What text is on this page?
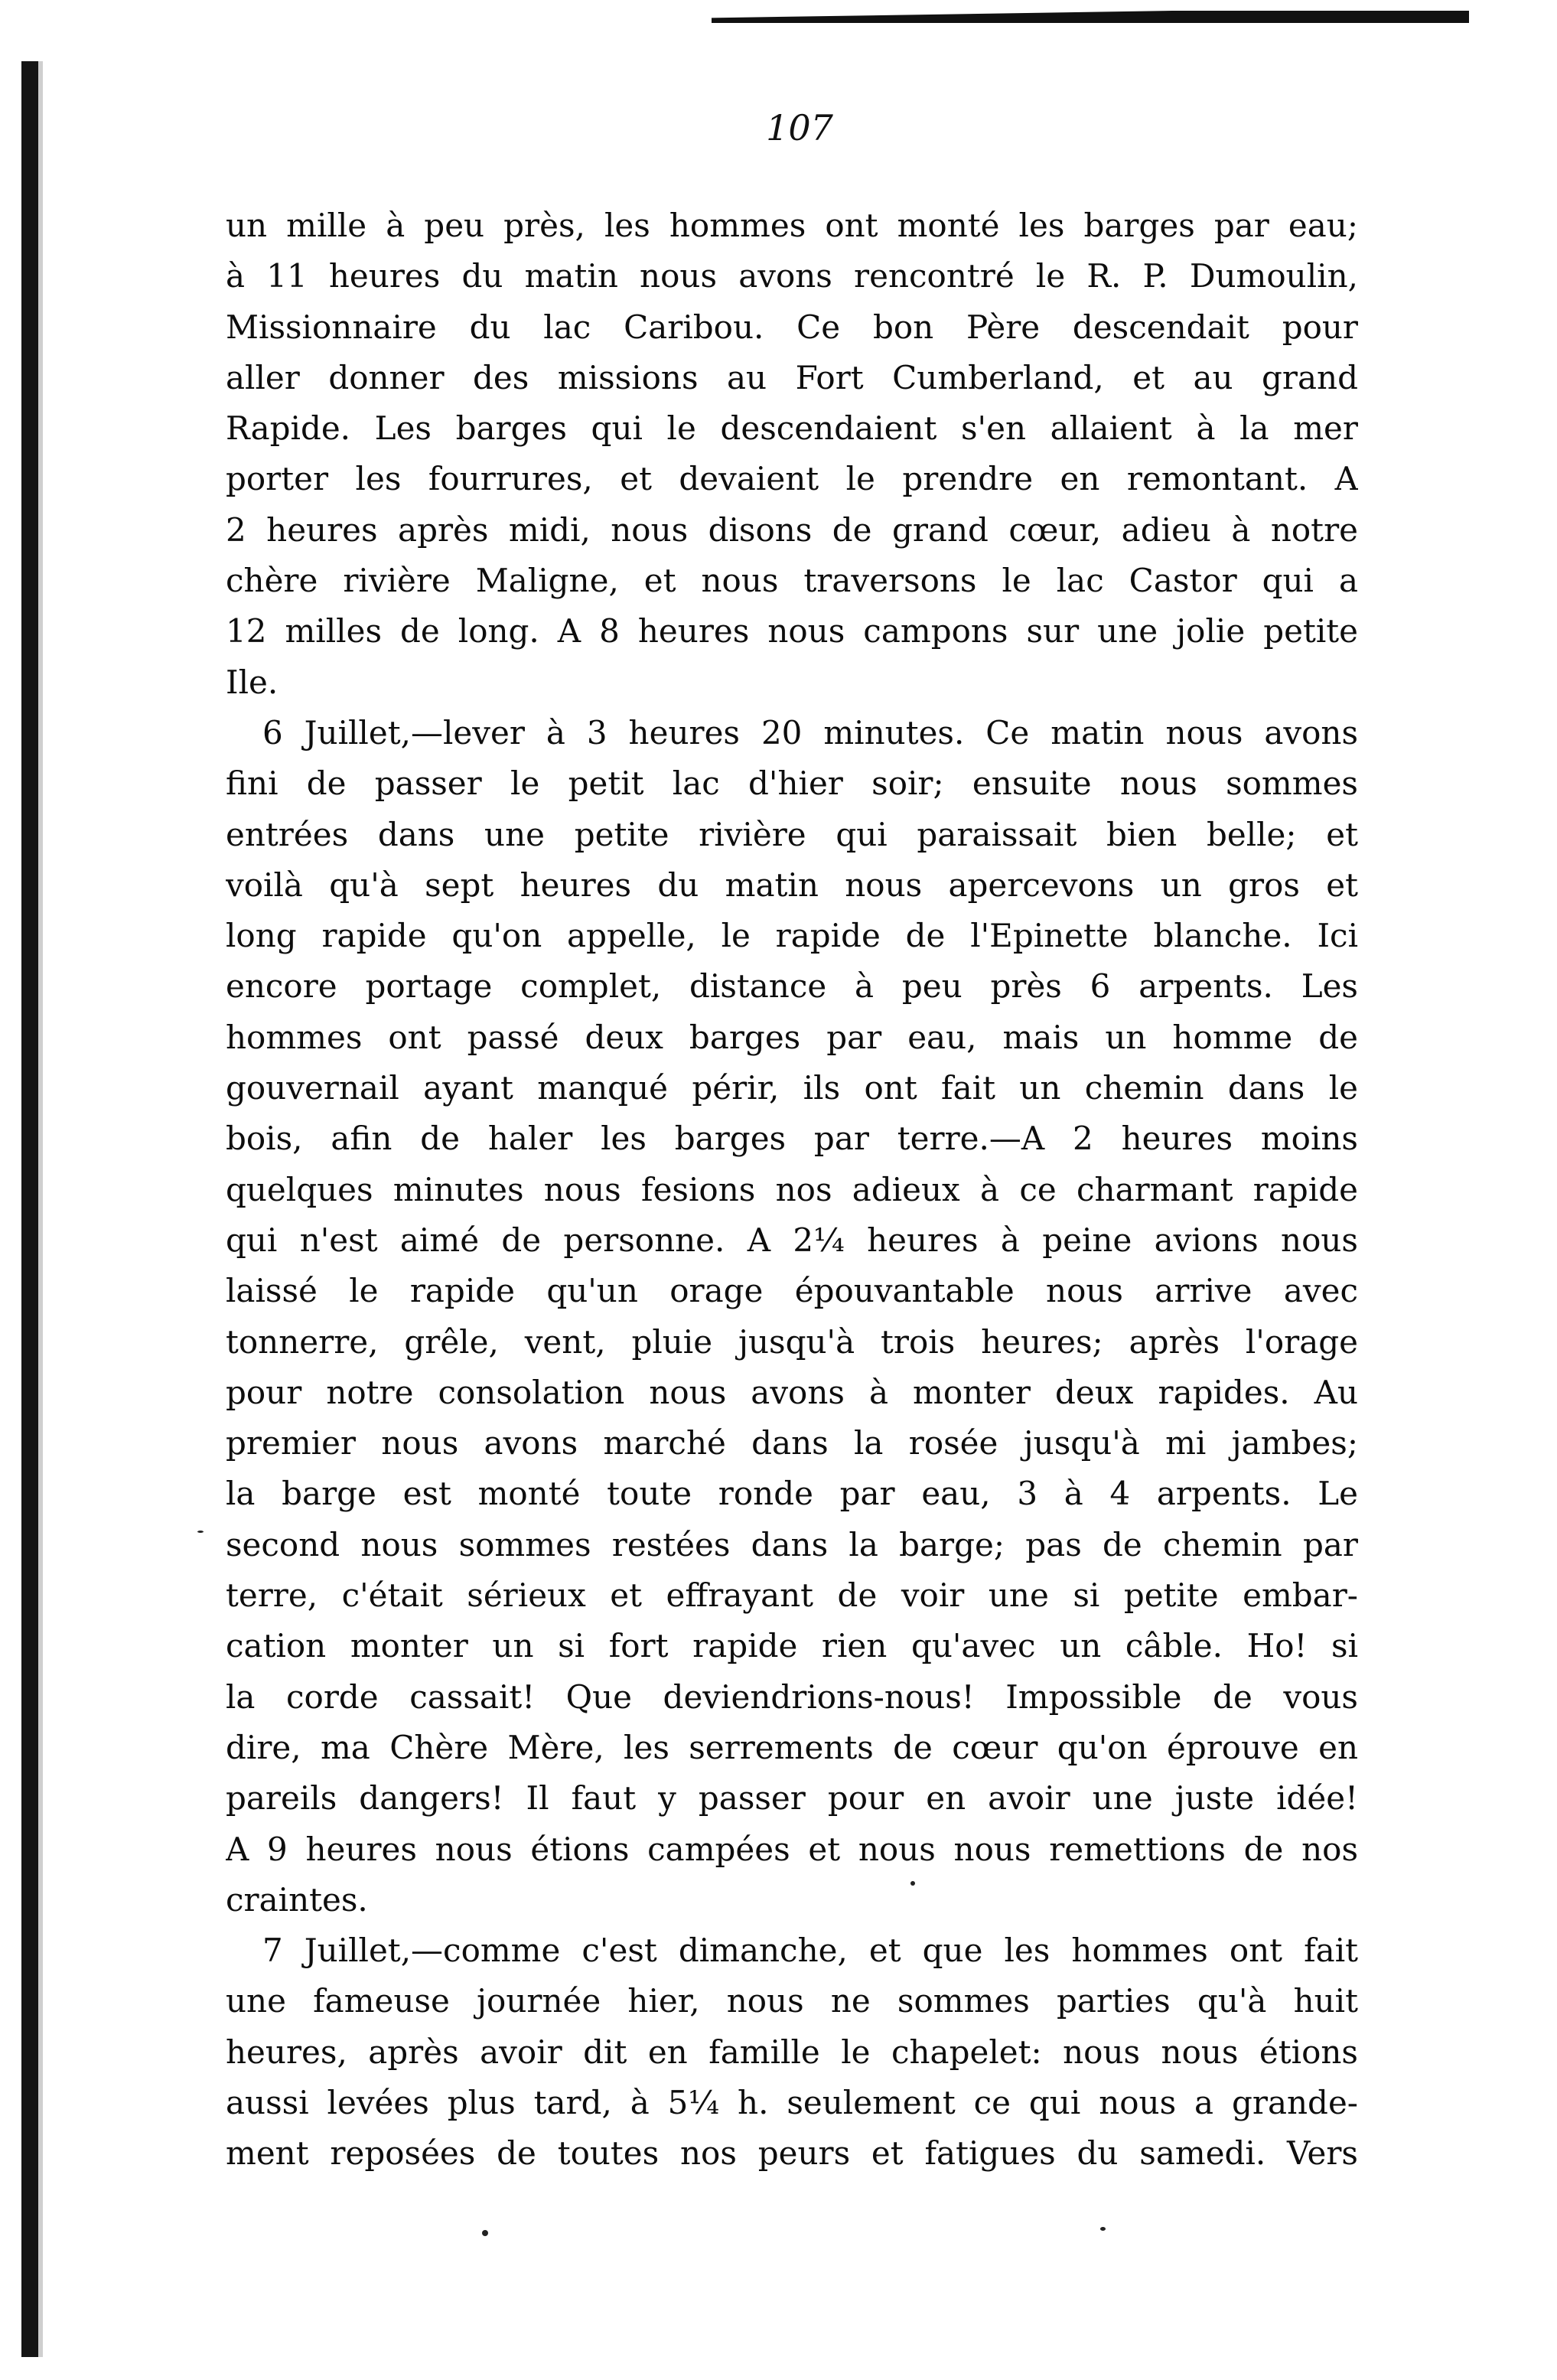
107
un mille à peu près, les hommes ont monté les barges par eau;
à 11 heures du matin nous avons rencontré le R. P. Dumoulin,
Missionnaire du lac Caribou. Ce bon Père descendait pour
aller donner des missions au Fort Cumberland, et au grand
Rapide. Les barges qui le descendaient s'en allaient à la mer
porter les fourrures, et devaient le prendre en remontant. A
2 heures après midi, nous disons de grand cœur, adieu à notre
chère rivière Maligne, et nous traversons le lac Castor qui a
12 milles de long. A 8 heures nous campons sur une jolie petite
Ile.
6 Juillet,—lever à 3 heures 20 minutes. Ce matin nous avons
fini de passer le petit lac d'hier soir; ensuite nous sommes
entrées dans une petite rivière qui paraissait bien belle; et
voilà qu'à sept heures du matin nous apercevons un gros et
long rapide qu'on appelle, le rapide de l'Epinette blanche. Ici
encore portage complet, distance à peu près 6 arpents. Les
hommes ont passé deux barges par eau, mais un homme de
gouvernail ayant manqué périr, ils ont fait un chemin dans le
bois, afin de haler les barges par terre.—A 2 heures moins
quelques minutes nous fesions nos adieux à ce charmant rapide
qui n'est aimé de personne. A 2¼ heures à peine avions nous
laissé le rapide qu'un orage épouvantable nous arrive avec
tonnerre, grêle, vent, pluie jusqu'à trois heures; après l'orage
pour notre consolation nous avons à monter deux rapides. Au
premier nous avons marché dans la rosée jusqu'à mi jambes;
la barge est monté toute ronde par eau, 3 à 4 arpents. Le
second nous sommes restées dans la barge; pas de chemin par
terre, c'était sérieux et effrayant de voir une si petite embar-
cation monter un si fort rapide rien qu'avec un câble. Ho! si
la corde cassait! Que deviendrions-nous! Impossible de vous
dire, ma Chère Mère, les serrements de cœur qu'on éprouve en
pareils dangers! Il faut y passer pour en avoir une juste idée!
A 9 heures nous étions campées et nous nous remettions de nos
craintes.
7 Juillet,—comme c'est dimanche, et que les hommes ont fait
une fameuse journée hier, nous ne sommes parties qu'à huit
heures, après avoir dit en famille le chapelet: nous nous étions
aussi levées plus tard, à 5¼ h. seulement ce qui nous a grande-
ment reposées de toutes nos peurs et fatigues du samedi. Vers
